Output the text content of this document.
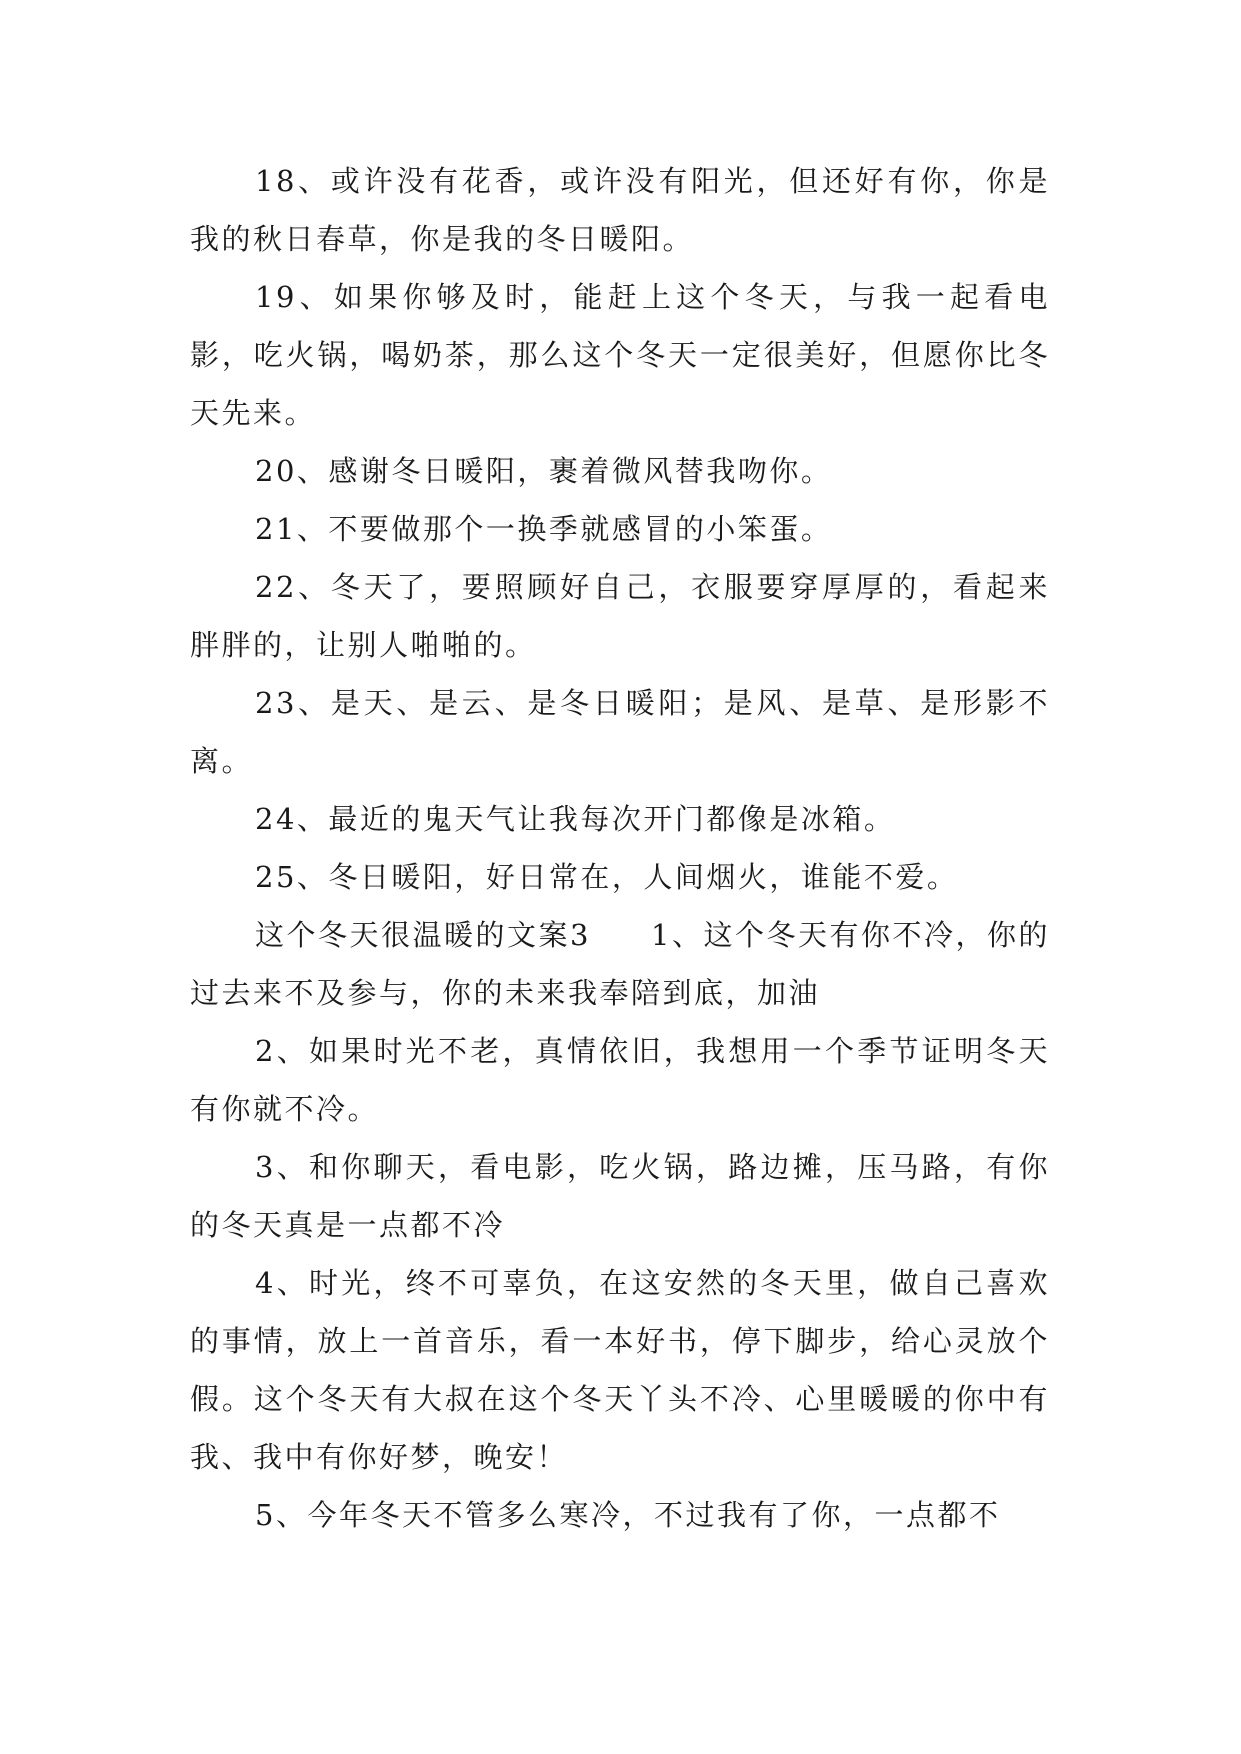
18、或许没有花香，或许没有阳光，但还好有你，你是我的秋日春草，你是我的冬日暖阳。

19、如果你够及时，能赶上这个冬天，与我一起看电影，吃火锅，喝奶茶，那么这个冬天一定很美好，但愿你比冬天先来。

20、感谢冬日暖阳，裹着微风替我吻你。

21、不要做那个一换季就感冒的小笨蛋。

22、冬天了，要照顾好自己，衣服要穿厚厚的，看起来胖胖的，让别人啪啪的。

23、是天、是云、是冬日暖阳；是风、是草、是形影不离。

24、最近的鬼天气让我每次开门都像是冰箱。

25、冬日暖阳，好日常在，人间烟火，谁能不爱。

这个冬天很温暖的文案3 1、这个冬天有你不冷，你的过去来不及参与，你的未来我奉陪到底，加油

2、如果时光不老，真情依旧，我想用一个季节证明冬天有你就不冷。

3、和你聊天，看电影，吃火锅，路边摊，压马路，有你的冬天真是一点都不冷

4、时光，终不可辜负，在这安然的冬天里，做自己喜欢的事情，放上一首音乐，看一本好书，停下脚步，给心灵放个假。这个冬天有大叔在这个冬天丫头不冷、心里暖暖的你中有我、我中有你好梦，晚安！

5、今年冬天不管多么寒冷，不过我有了你，一点都不
